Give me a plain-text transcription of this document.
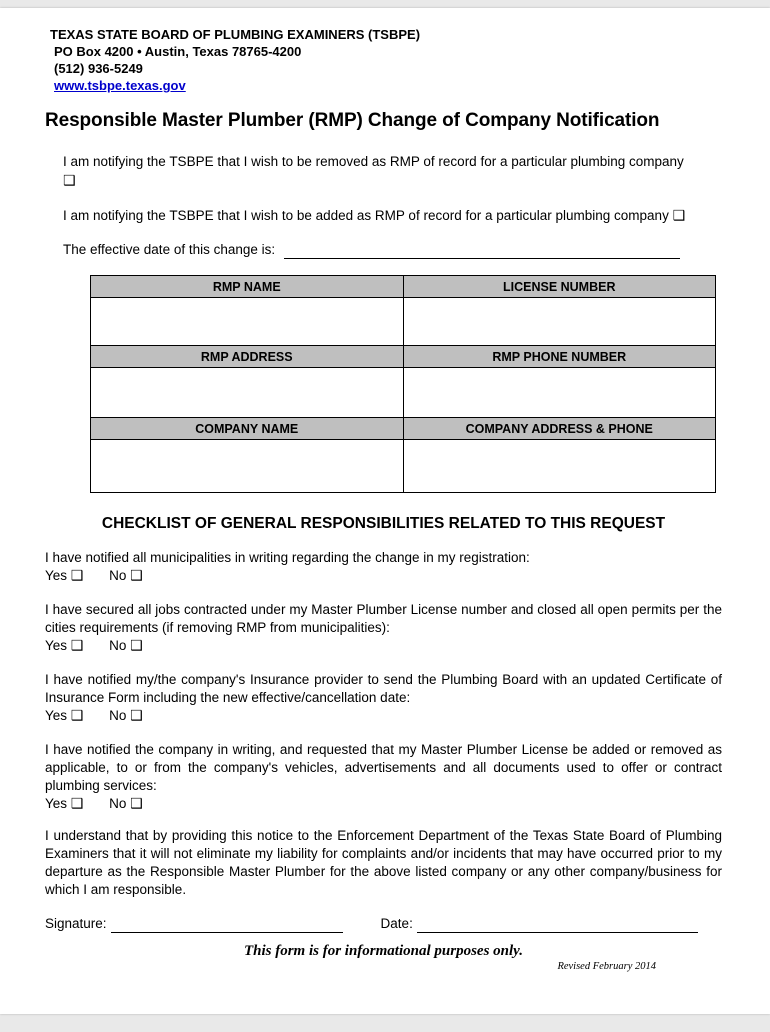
TEXAS STATE BOARD OF PLUMBING EXAMINERS (TSBPE)
PO Box 4200 • Austin, Texas 78765-4200
(512) 936-5249
www.tsbpe.texas.gov
Responsible Master Plumber (RMP) Change of Company Notification

I am notifying the TSBPE that I wish to be removed as RMP of record for a particular plumbing company ❑

I am notifying the TSBPE that I wish to be added as RMP of record for a particular plumbing company ❑

The effective date of this change is:

RMP NAME	LICENSE NUMBER

RMP ADDRESS	RMP PHONE NUMBER

COMPANY NAME	COMPANY ADDRESS & PHONE

CHECKLIST OF GENERAL RESPONSIBILITIES RELATED TO THIS REQUEST

I have notified all municipalities in writing regarding the change in my registration:

Yes ❑ No ❑

I have secured all jobs contracted under my Master Plumber License number and closed all open permits per the cities requirements (if removing RMP from municipalities):

Yes ❑ No ❑

I have notified my/the company's Insurance provider to send the Plumbing Board with an updated Certificate of Insurance Form including the new effective/cancellation date:

Yes ❑ No ❑

I have notified the company in writing, and requested that my Master Plumber License be added or removed as applicable, to or from the company's vehicles, advertisements and all documents used to offer or contract plumbing services:

Yes ❑ No ❑

I understand that by providing this notice to the Enforcement Department of the Texas State Board of Plumbing Examiners that it will not eliminate my liability for complaints and/or incidents that may have occurred prior to my departure as the Responsible Master Plumber for the above listed company or any other company/business for which I am responsible.

Signature:	Date:
This form is for informational purposes only.
Revised February 2014
